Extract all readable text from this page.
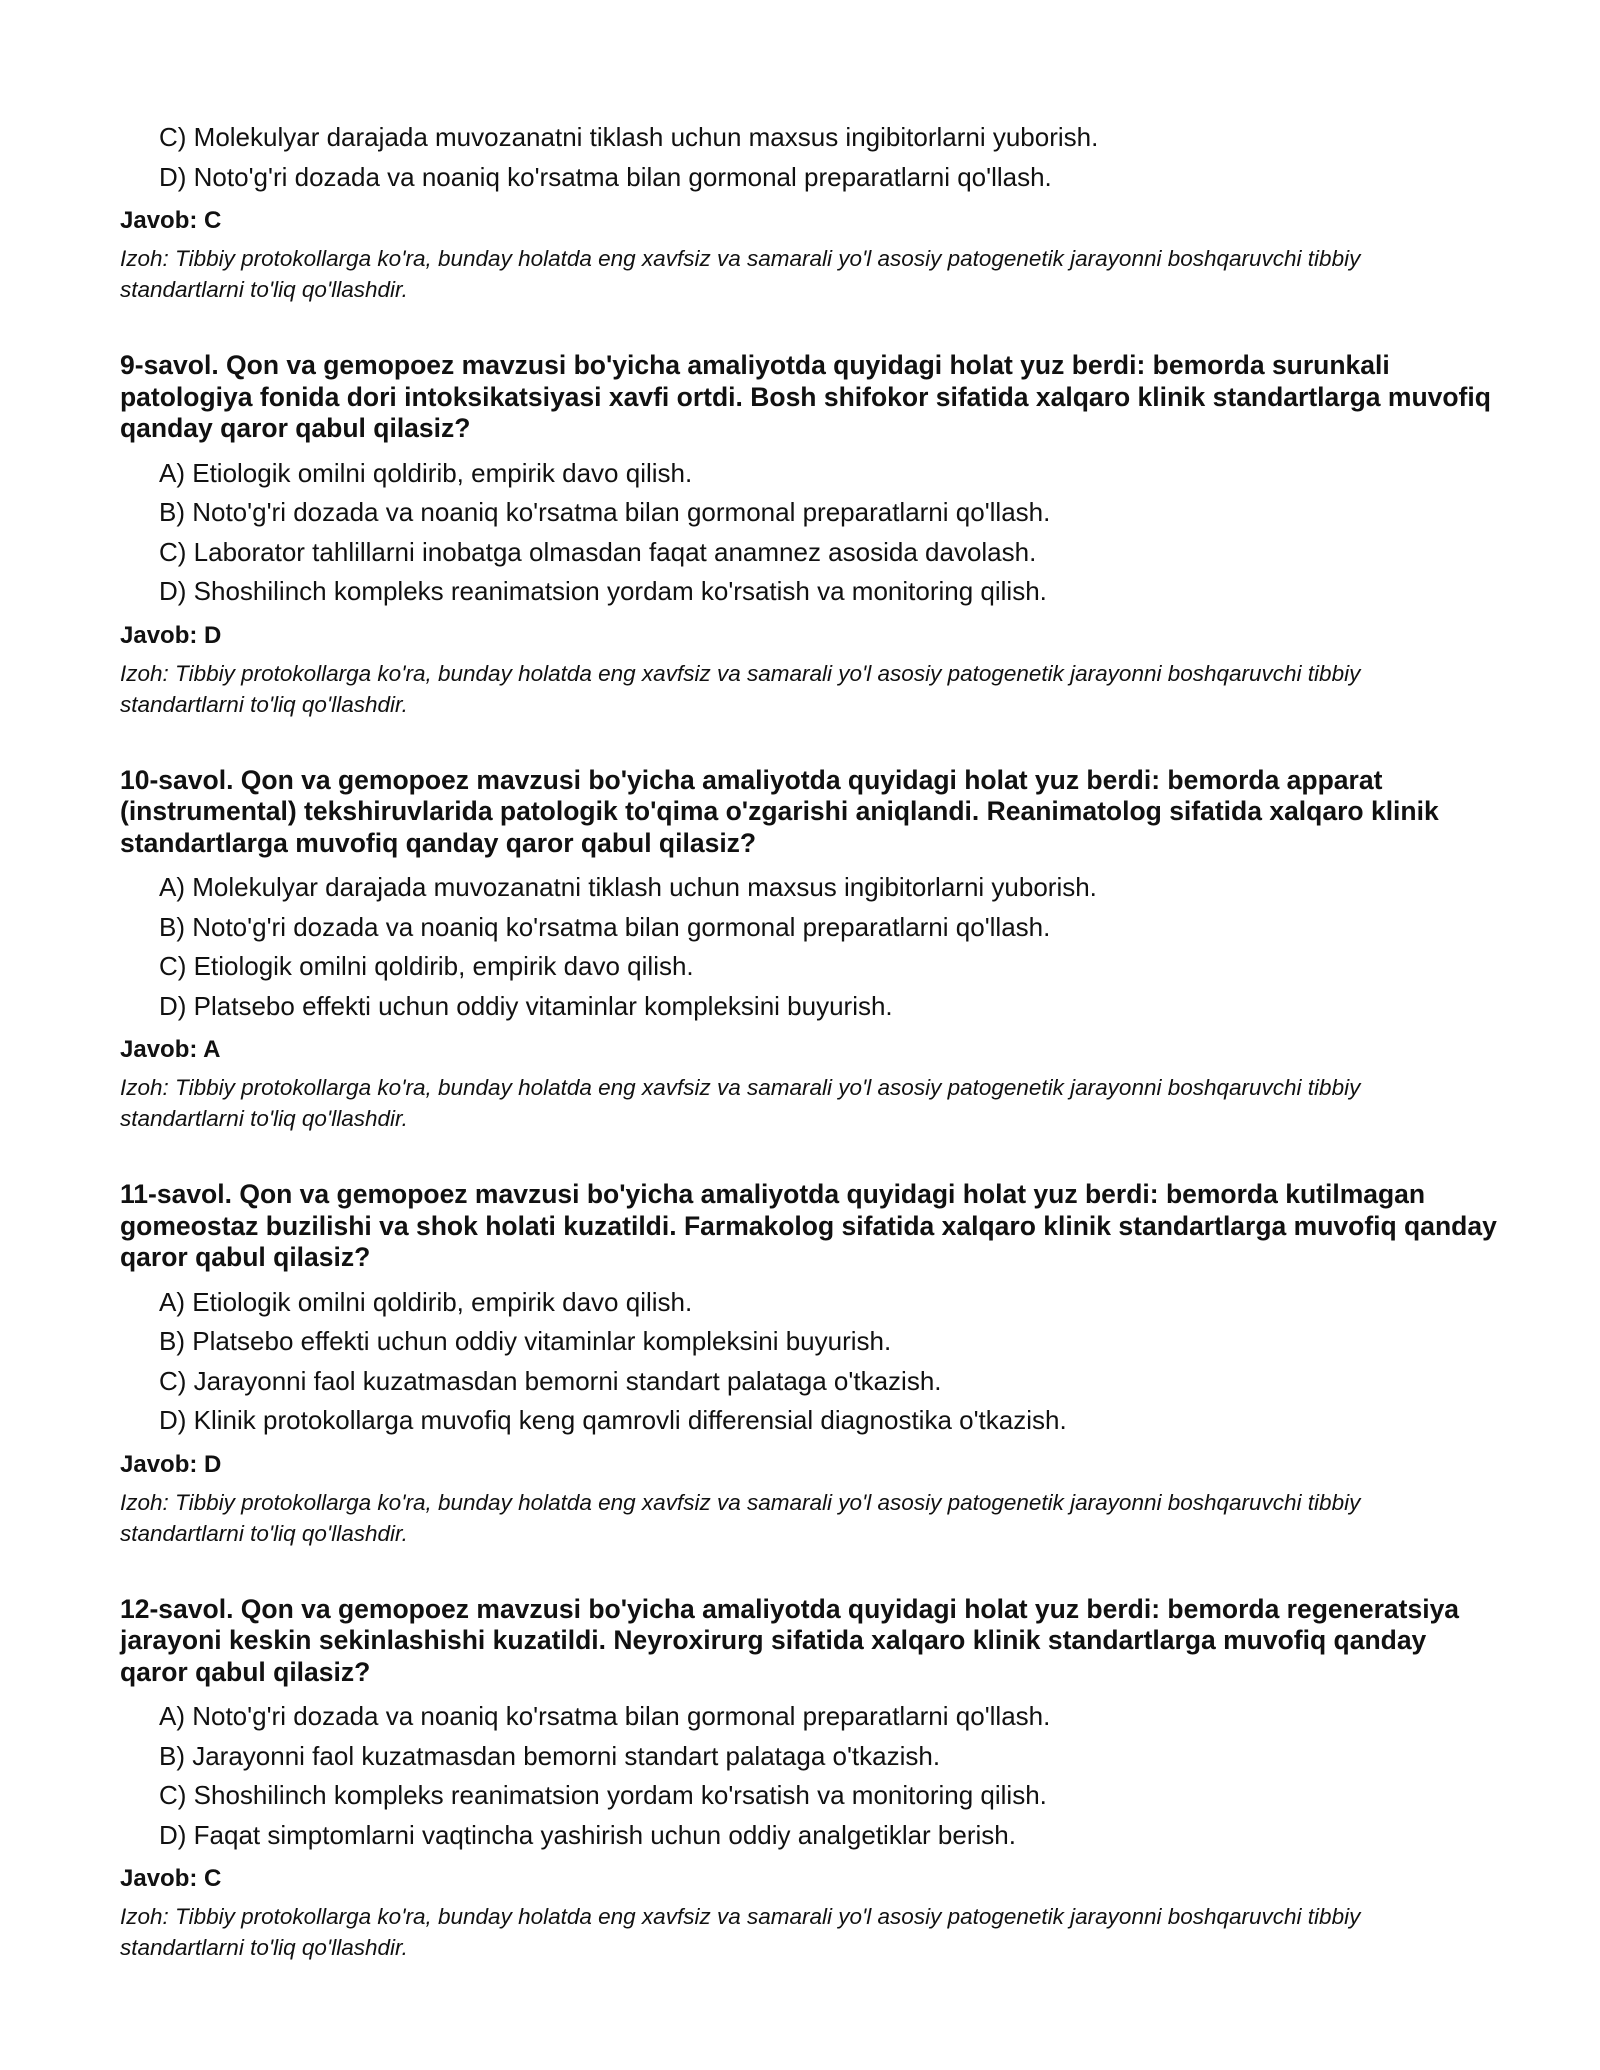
C) Molekulyar darajada muvozanatni tiklash uchun maxsus ingibitorlarni yuborish.
D) Noto'g'ri dozada va noaniq ko'rsatma bilan gormonal preparatlarni qo'llash.
Javob: C
Izoh: Tibbiy protokollarga ko'ra, bunday holatda eng xavfsiz va samarali yo'l asosiy patogenetik jarayonni boshqaruvchi tibbiy standartlarni to'liq qo'llashdir.
9-savol. Qon va gemopoez mavzusi bo'yicha amaliyotda quyidagi holat yuz berdi: bemorda surunkali patologiya fonida dori intoksikatsiyasi xavfi ortdi. Bosh shifokor sifatida xalqaro klinik standartlarga muvofiq qanday qaror qabul qilasiz?
A) Etiologik omilni qoldirib, empirik davo qilish.
B) Noto'g'ri dozada va noaniq ko'rsatma bilan gormonal preparatlarni qo'llash.
C) Laborator tahlillarni inobatga olmasdan faqat anamnez asosida davolash.
D) Shoshilinch kompleks reanimatsion yordam ko'rsatish va monitoring qilish.
Javob: D
Izoh: Tibbiy protokollarga ko'ra, bunday holatda eng xavfsiz va samarali yo'l asosiy patogenetik jarayonni boshqaruvchi tibbiy standartlarni to'liq qo'llashdir.
10-savol. Qon va gemopoez mavzusi bo'yicha amaliyotda quyidagi holat yuz berdi: bemorda apparat (instrumental) tekshiruvlarida patologik to'qima o'zgarishi aniqlandi. Reanimatolog sifatida xalqaro klinik standartlarga muvofiq qanday qaror qabul qilasiz?
A) Molekulyar darajada muvozanatni tiklash uchun maxsus ingibitorlarni yuborish.
B) Noto'g'ri dozada va noaniq ko'rsatma bilan gormonal preparatlarni qo'llash.
C) Etiologik omilni qoldirib, empirik davo qilish.
D) Platsebo effekti uchun oddiy vitaminlar kompleksini buyurish.
Javob: A
Izoh: Tibbiy protokollarga ko'ra, bunday holatda eng xavfsiz va samarali yo'l asosiy patogenetik jarayonni boshqaruvchi tibbiy standartlarni to'liq qo'llashdir.
11-savol. Qon va gemopoez mavzusi bo'yicha amaliyotda quyidagi holat yuz berdi: bemorda kutilmagan gomeostaz buzilishi va shok holati kuzatildi. Farmakolog sifatida xalqaro klinik standartlarga muvofiq qanday qaror qabul qilasiz?
A) Etiologik omilni qoldirib, empirik davo qilish.
B) Platsebo effekti uchun oddiy vitaminlar kompleksini buyurish.
C) Jarayonni faol kuzatmasdan bemorni standart palataga o'tkazish.
D) Klinik protokollarga muvofiq keng qamrovli differensial diagnostika o'tkazish.
Javob: D
Izoh: Tibbiy protokollarga ko'ra, bunday holatda eng xavfsiz va samarali yo'l asosiy patogenetik jarayonni boshqaruvchi tibbiy standartlarni to'liq qo'llashdir.
12-savol. Qon va gemopoez mavzusi bo'yicha amaliyotda quyidagi holat yuz berdi: bemorda regeneratsiya jarayoni keskin sekinlashishi kuzatildi. Neyroxirurg sifatida xalqaro klinik standartlarga muvofiq qanday qaror qabul qilasiz?
A) Noto'g'ri dozada va noaniq ko'rsatma bilan gormonal preparatlarni qo'llash.
B) Jarayonni faol kuzatmasdan bemorni standart palataga o'tkazish.
C) Shoshilinch kompleks reanimatsion yordam ko'rsatish va monitoring qilish.
D) Faqat simptomlarni vaqtincha yashirish uchun oddiy analgetiklar berish.
Javob: C
Izoh: Tibbiy protokollarga ko'ra, bunday holatda eng xavfsiz va samarali yo'l asosiy patogenetik jarayonni boshqaruvchi tibbiy standartlarni to'liq qo'llashdir.
